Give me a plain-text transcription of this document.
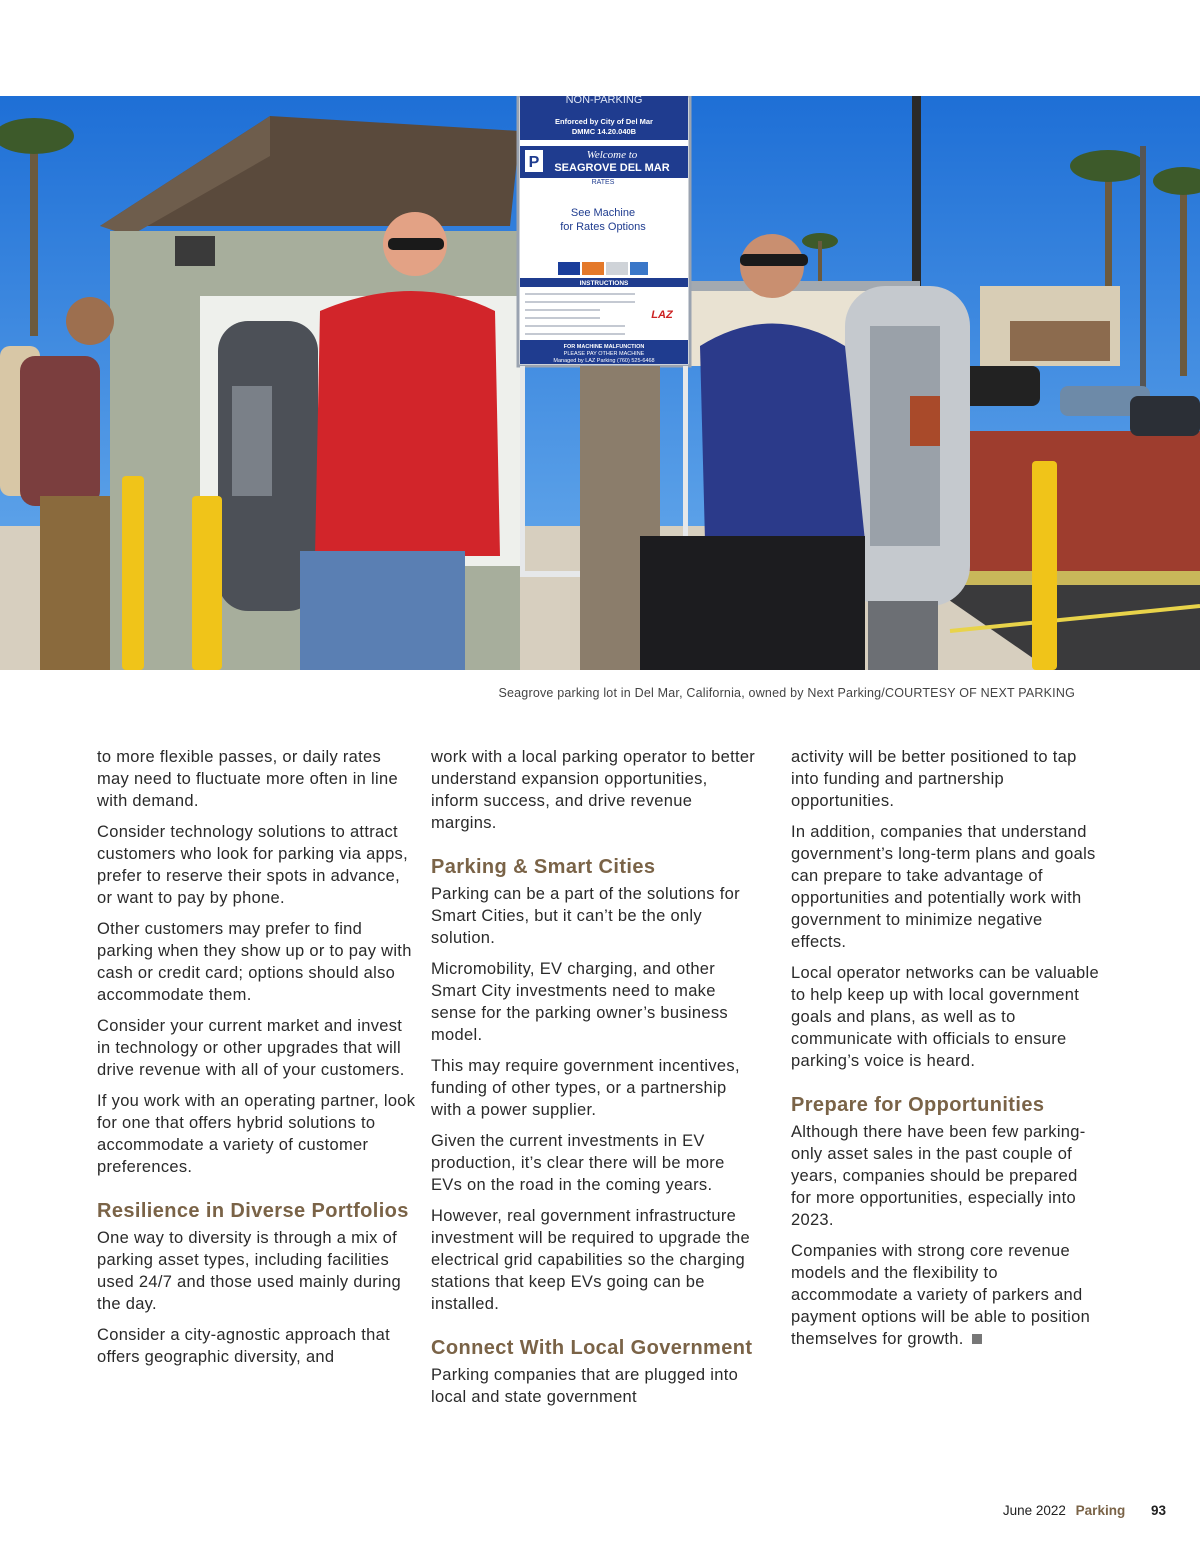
NON-PARKING
Enforced by City of Del Mar
DMMC 14.20.040B
P	Welcome to
SEAGROVE DEL MAR
RATES
See Machine
for Rates Options
INSTRUCTIONS
LAZ
FOR MACHINE MALFUNCTION
PLEASE PAY OTHER MACHINE
Managed by LAZ Parking (760) 525-6468
Seagrove parking lot in Del Mar, California, owned by Next Parking/COURTESY OF NEXT PARKING

to more flexible passes, or daily rates may need to fluctuate more often in line with demand.

Consider technology solutions to attract customers who look for parking via apps, prefer to reserve their spots in advance, or want to pay by phone.

Other customers may prefer to find parking when they show up or to pay with cash or credit card; options should also accommodate them.

Consider your current market and invest in technology or other upgrades that will drive revenue with all of your customers.

If you work with an operating partner, look for one that offers hybrid solutions to accommodate a variety of customer preferences.

Resilience in Diverse Portfolios

One way to diversity is through a mix of parking asset types, including facilities used 24/7 and those used mainly during the day.

Consider a city-agnostic approach that offers geographic diversity, and

work with a local parking operator to better understand expansion opportunities, inform success, and drive revenue margins.

Parking & Smart Cities

Parking can be a part of the solutions for Smart Cities, but it can’t be the only solution.

Micromobility, EV charging, and other Smart City investments need to make sense for the parking owner’s business model.

This may require government incentives, funding of other types, or a partnership with a power supplier.

Given the current investments in EV production, it’s clear there will be more EVs on the road in the coming years.

However, real government infrastructure investment will be required to upgrade the electrical grid capabilities so the charging stations that keep EVs going can be installed.

Connect With Local Government

Parking companies that are plugged into local and state government

activity will be better positioned to tap into funding and partnership opportunities.

In addition, companies that understand government’s long-term plans and goals can prepare to take advantage of opportunities and potentially work with government to minimize negative effects.

Local operator networks can be valuable to help keep up with local government goals and plans, as well as to communicate with officials to ensure parking’s voice is heard.

Prepare for Opportunities

Although there have been few parking-only asset sales in the past couple of years, companies should be prepared for more opportunities, especially into 2023.

Companies with strong core revenue models and the flexibility to accommodate a variety of parkers and payment options will be able to position themselves for growth.

June 2022 Parking 93
